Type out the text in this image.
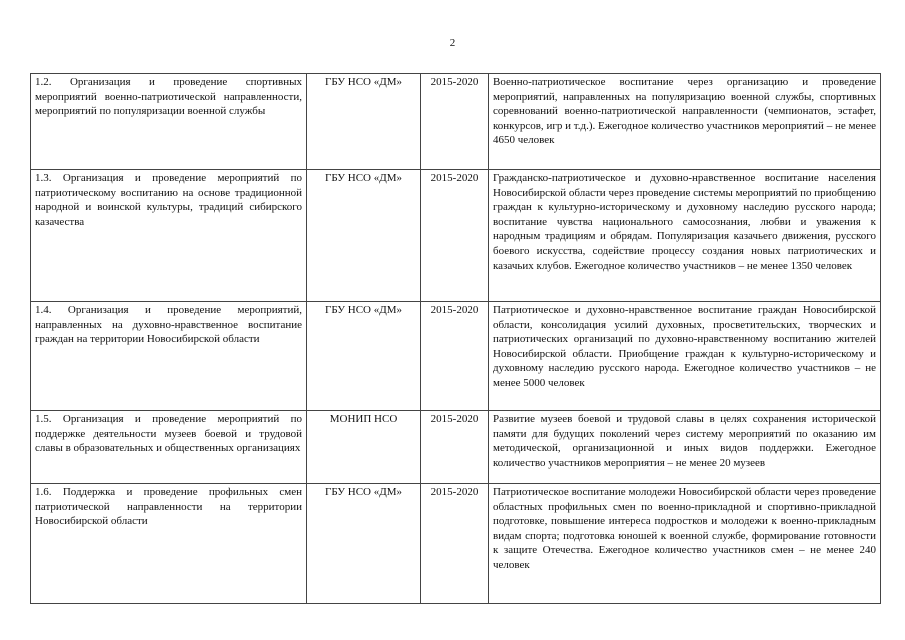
2
1.2. Организация и проведение спортивных мероприятий военно-патриотической направленности, мероприятий по популяризации военной службы	ГБУ НСО «ДМ»	2015-2020	Военно-патриотическое воспитание через организацию и проведение мероприятий, направленных на популяризацию военной службы, спортивных соревнований военно-патриотической направленности (чемпионатов, эстафет, конкурсов, игр и т.д.). Ежегодное количество участников мероприятий – не менее 4650 человек
1.3. Организация и проведение мероприятий по патриотическому воспитанию на основе традиционной народной и воинской культуры, традиций сибирского казачества	ГБУ НСО «ДМ»	2015-2020	Гражданско-патриотическое и духовно-нравственное воспитание населения Новосибирской области через проведение системы мероприятий по приобщению граждан к культурно-историческому и духовному наследию русского народа; воспитание чувства национального самосознания, любви и уважения к народным традициям и обрядам. Популяризация казачьего движения, русского боевого искусства, содействие процессу создания новых патриотических и казачьих клубов. Ежегодное количество участников – не менее 1350 человек
1.4. Организация и проведение мероприятий, направленных на духовно-нравственное воспитание граждан на территории Новосибирской области	ГБУ НСО «ДМ»	2015-2020	Патриотическое и духовно-нравственное воспитание граждан Новосибирской области, консолидация усилий духовных, просветительских, творческих и патриотических организаций по духовно-нравственному воспитанию жителей Новосибирской области. Приобщение граждан к культурно-историческому и духовному наследию русского народа. Ежегодное количество участников – не менее 5000 человек
1.5. Организация и проведение мероприятий по поддержке деятельности музеев боевой и трудовой славы в образовательных и общественных организациях	МОНИП НСО	2015-2020	Развитие музеев боевой и трудовой славы в целях сохранения исторической памяти для будущих поколений через систему мероприятий по оказанию им методической, организационной и иных видов поддержки. Ежегодное количество участников мероприятия – не менее 20 музеев
1.6. Поддержка и проведение профильных смен патриотической направленности на территории Новосибирской области	ГБУ НСО «ДМ»	2015-2020	Патриотическое воспитание молодежи Новосибирской области через проведение областных профильных смен по военно-прикладной и спортивно-прикладной подготовке, повышение интереса подростков и молодежи к военно-прикладным видам спорта; подготовка юношей к военной службе, формирование готовности к защите Отечества. Ежегодное количество участников смен – не менее 240 человек
